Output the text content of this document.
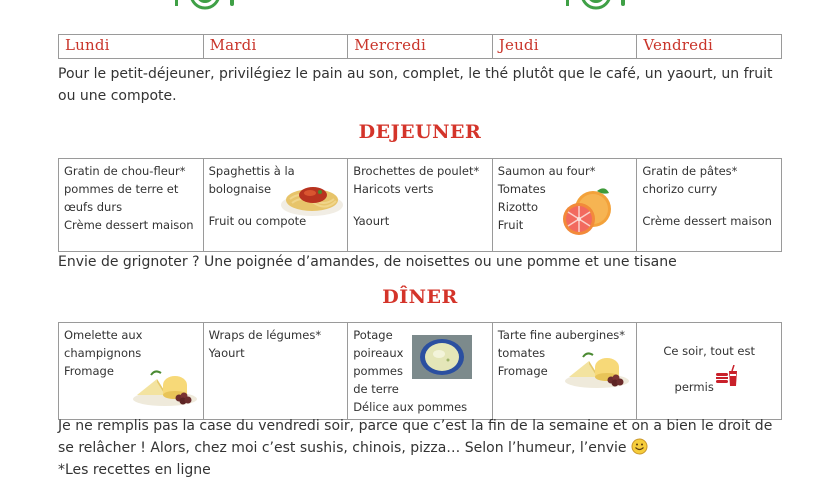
Lundi	Mardi	Mercredi	Jeudi	Vendredi

Pour le petit-déjeuner, privilégiez le pain au son, complet, le thé plutôt que le café, un yaourt, un fruit ou une compote.

DEJEUNER
Gratin de chou-fleur*
pommes de terre et
œufs durs
Crème dessert maison

Spaghettis à la
bolognaise
Fruit ou compote

Brochettes de poulet*
Haricots verts
Yaourt

Saumon au four*
Tomates
Rizotto
Fruit

Gratin de pâtes*
chorizo curry
Crème dessert maison

Envie de grignoter ? Une poignée d’amandes, de noisettes ou une pomme et une tisane

DÎNER
Omelette aux
champignons
Fromage

Wraps de légumes*
Yaourt

Potage
poireaux
pommes
de terre
Délice aux pommes

Tarte fine aubergines*
tomates
Fromage

Ce soir, tout est
permis

Je ne remplis pas la case du vendredi soir, parce que c’est la fin de la semaine et on a bien le droit de se relâcher ! Alors, chez moi c’est sushis, chinois, pizza… Selon l’humeur, l’envie

*Les recettes en ligne
